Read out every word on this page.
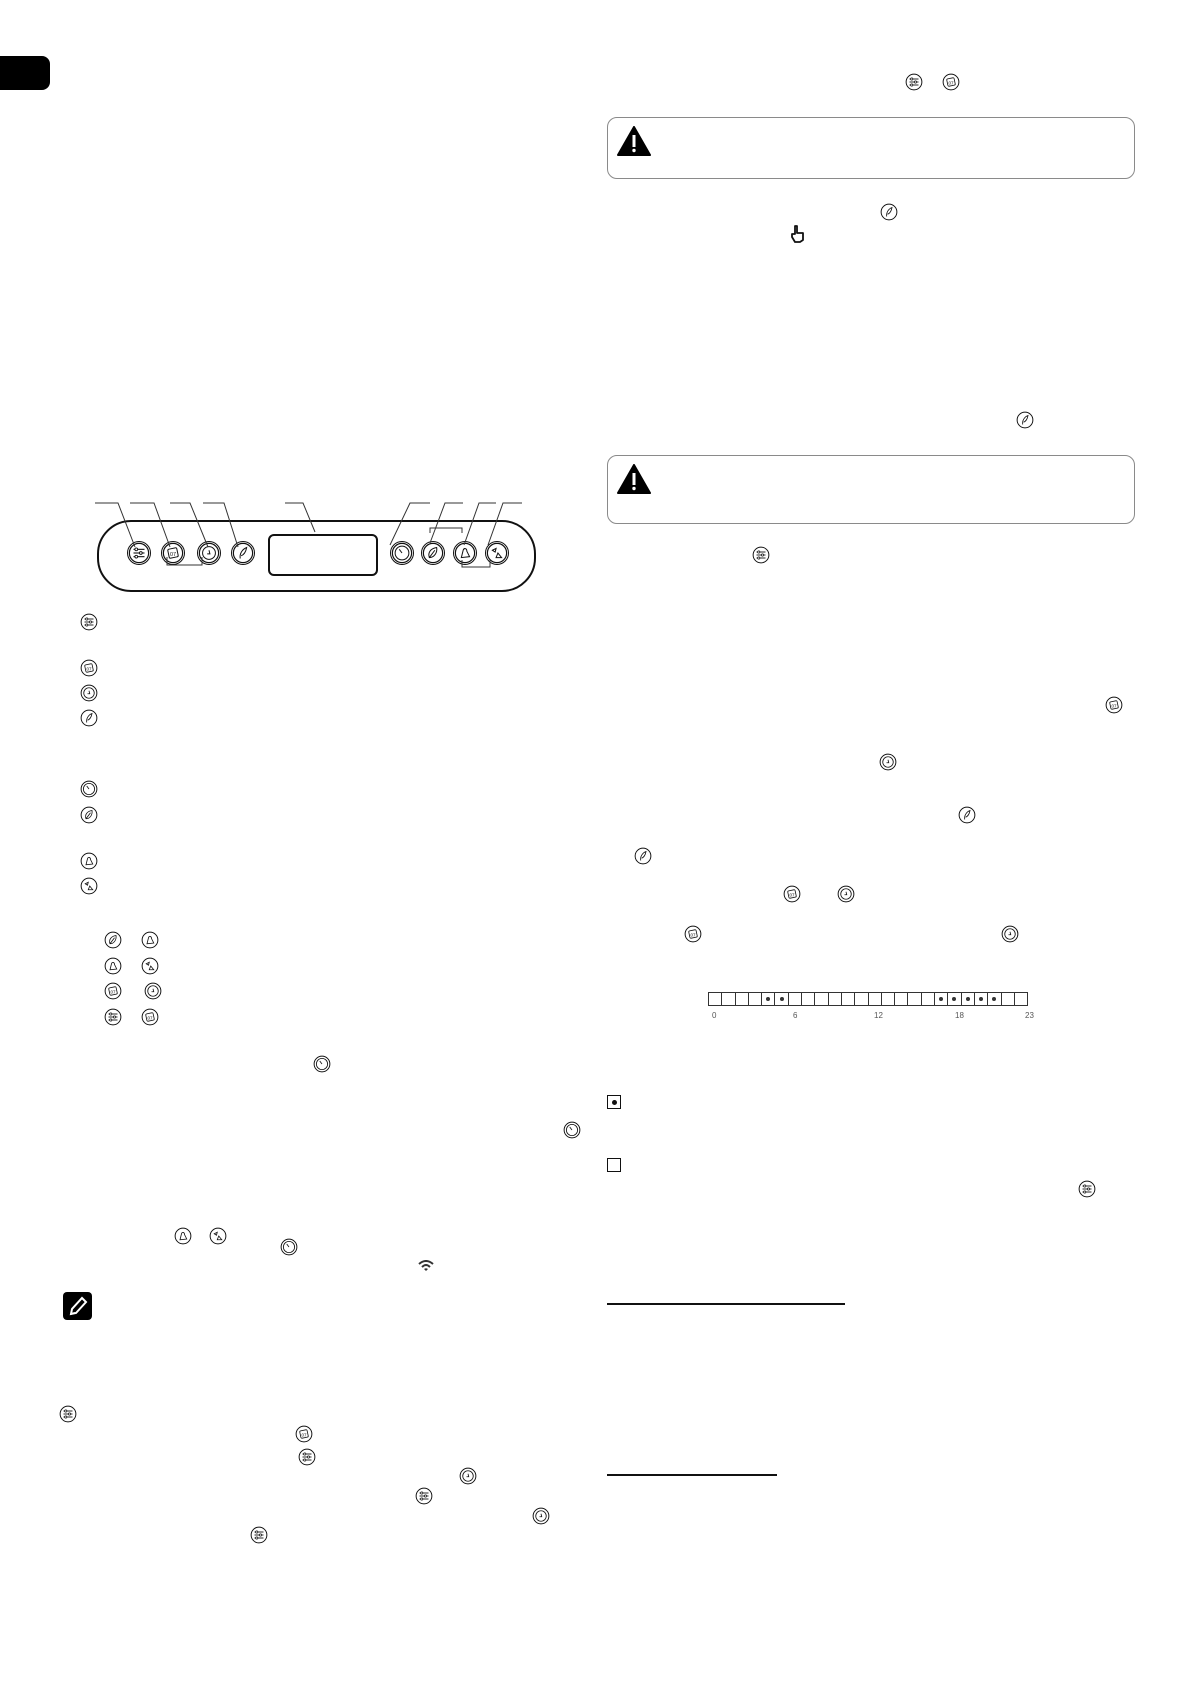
0	6	12	18	23
